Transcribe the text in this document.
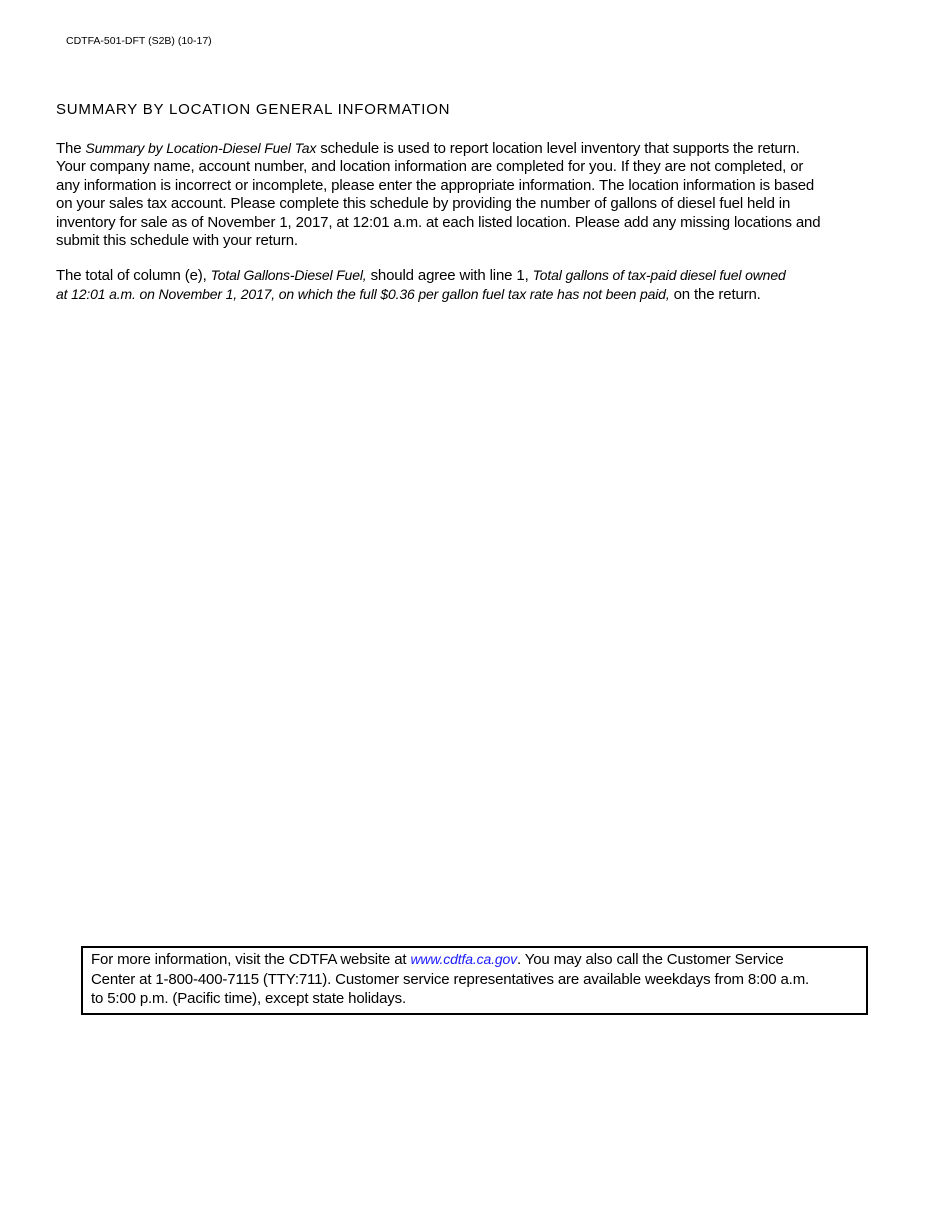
CDTFA-501-DFT (S2B) (10-17)
SUMMARY BY LOCATION GENERAL INFORMATION
The Summary by Location-Diesel Fuel Tax schedule is used to report location level inventory that supports the return.
Your company name, account number, and location information are completed for you. If they are not completed, or
any information is incorrect or incomplete, please enter the appropriate information. The location information is based
on your sales tax account. Please complete this schedule by providing the number of gallons of diesel fuel held in
inventory for sale as of November 1, 2017, at 12:01 a.m. at each listed location. Please add any missing locations and
submit this schedule with your return.
The total of column (e), Total Gallons-Diesel Fuel, should agree with line 1, Total gallons of tax-paid diesel fuel owned
at 12:01 a.m. on November 1, 2017, on which the full $0.36 per gallon fuel tax rate has not been paid, on the return.
For more information, visit the CDTFA website at www.cdtfa.ca.gov. You may also call the Customer Service
Center at 1-800-400-7115 (TTY:711). Customer service representatives are available weekdays from 8:00 a.m.
to 5:00 p.m. (Pacific time), except state holidays.
